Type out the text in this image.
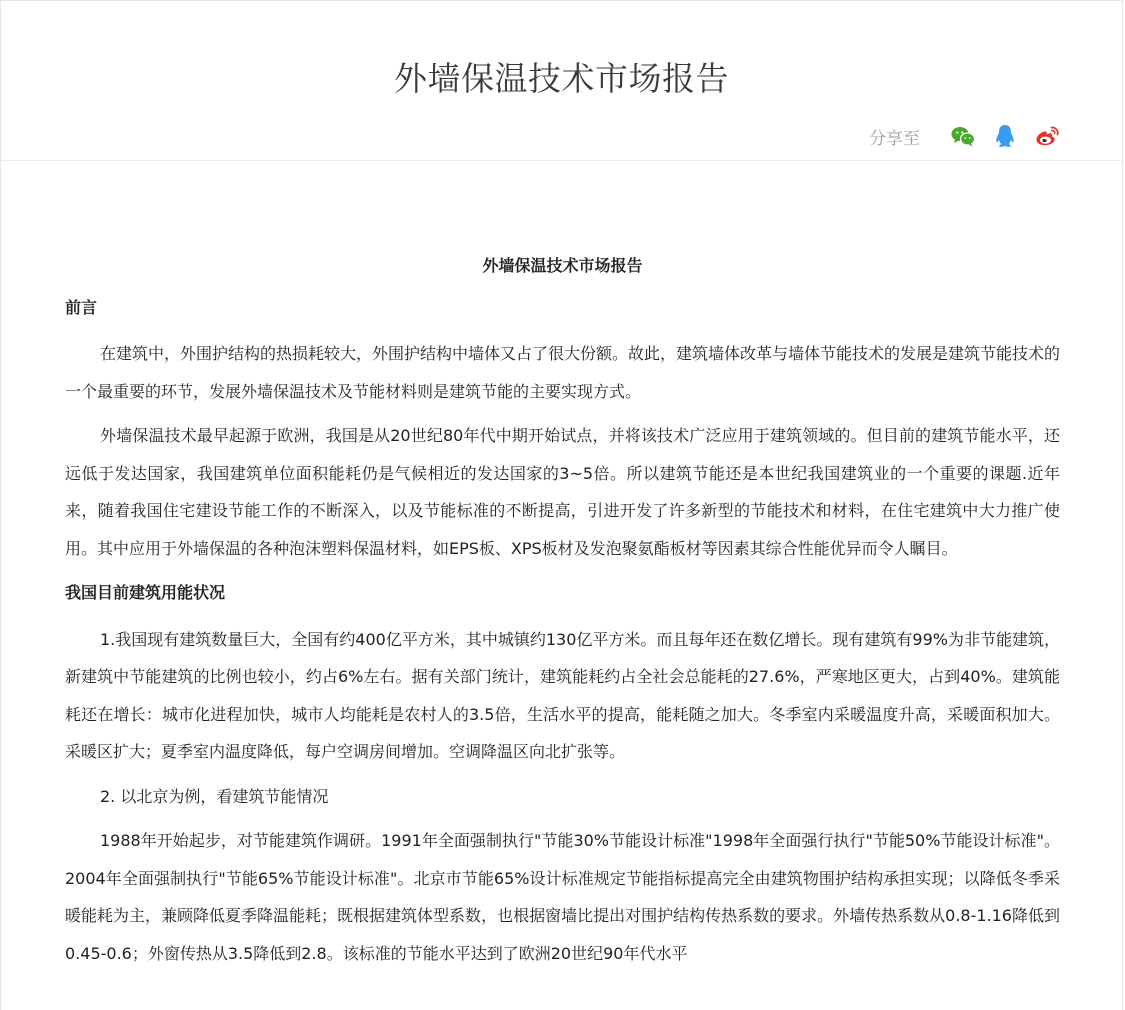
外墙保温技术市场报告
分享至
外墙保温技术市场报告
前言

在建筑中，外围护结构的热损耗较大，外围护结构中墙体又占了很大份额。故此，建筑墙体改革与墙体节能技术的发展是建筑节能技术的一个最重要的环节，发展外墙保温技术及节能材料则是建筑节能的主要实现方式。

外墙保温技术最早起源于欧洲，我国是从20世纪80年代中期开始试点，并将该技术广泛应用于建筑领域的。但目前的建筑节能水平，还远低于发达国家，我国建筑单位面积能耗仍是气候相近的发达国家的3~5倍。所以建筑节能还是本世纪我国建筑业的一个重要的课题.近年来，随着我国住宅建设节能工作的不断深入，以及节能标准的不断提高，引进开发了许多新型的节能技术和材料，在住宅建筑中大力推广使用。其中应用于外墙保温的各种泡沫塑料保温材料，如EPS板、XPS板材及发泡聚氨酯板材等因素其综合性能优异而令人瞩目。

我国目前建筑用能状况

1.我国现有建筑数量巨大，全国有约400亿平方米，其中城镇约130亿平方米。而且每年还在数亿增长。现有建筑有99%为非节能建筑，新建筑中节能建筑的比例也较小，约占6%左右。据有关部门统计，建筑能耗约占全社会总能耗的27.6%，严寒地区更大，占到40%。建筑能耗还在增长：城市化进程加快，城市人均能耗是农村人的3.5倍，生活水平的提高，能耗随之加大。冬季室内采暖温度升高，采暖面积加大。采暖区扩大；夏季室内温度降低，每户空调房间增加。空调降温区向北扩张等。

2. 以北京为例，看建筑节能情况

1988年开始起步，对节能建筑作调研。1991年全面强制执行"节能30%节能设计标准"1998年全面强行执行"节能50%节能设计标准"。2004年全面强制执行"节能65%节能设计标准"。北京市节能65%设计标准规定节能指标提高完全由建筑物围护结构承担实现；以降低冬季采暖能耗为主，兼顾降低夏季降温能耗；既根据建筑体型系数，也根据窗墙比提出对围护结构传热系数的要求。外墙传热系数从0.8-1.16降低到0.45-0.6；外窗传热从3.5降低到2.8。该标准的节能水平达到了欧洲20世纪90年代水平
